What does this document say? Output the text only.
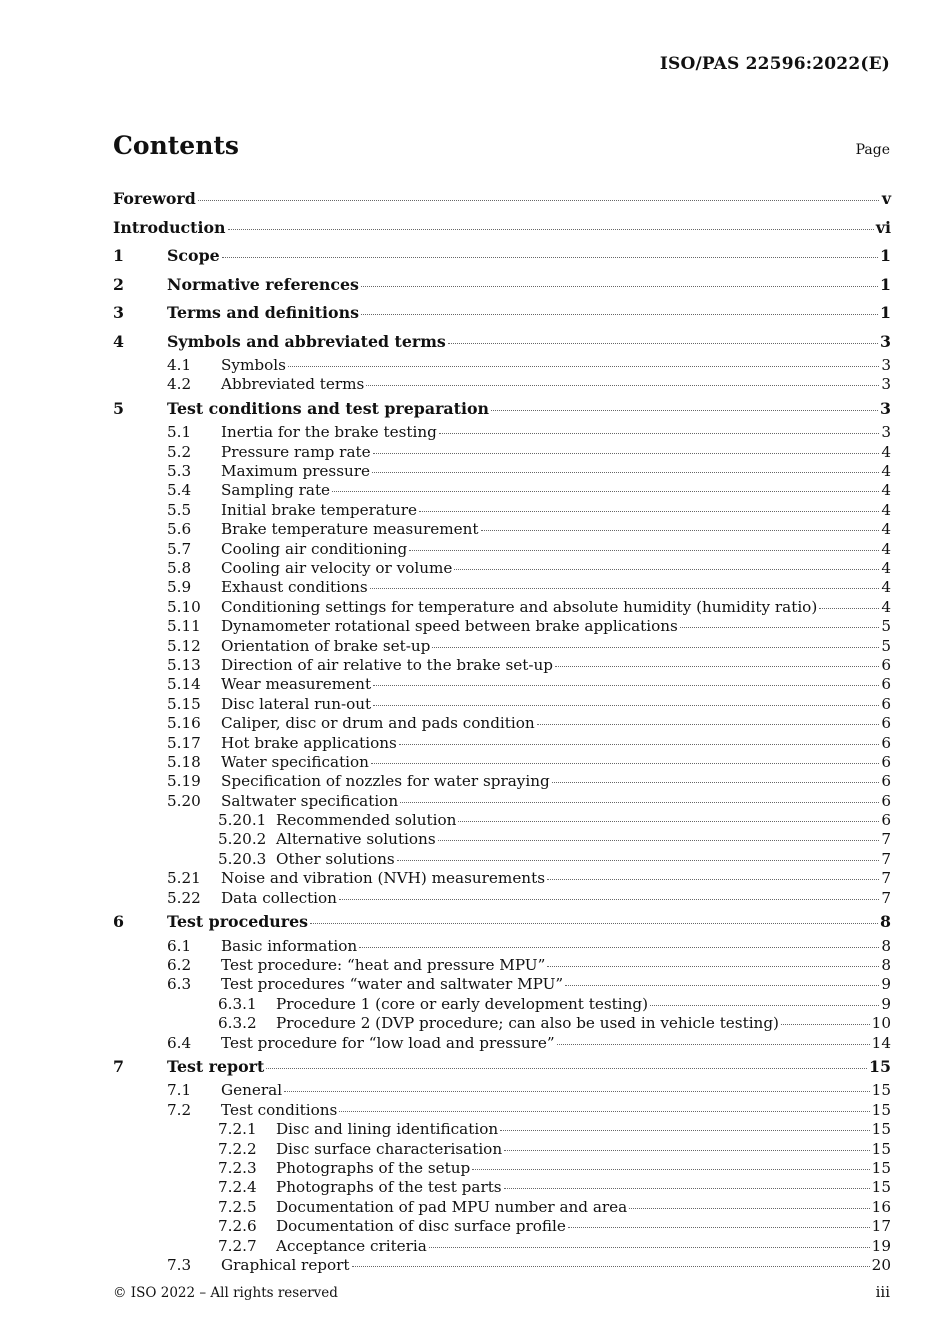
ISO/PAS 22596:2022(E)
Contents	Page
Foreword	v
Introduction	vi
1	Scope	1
2	Normative references	1
3	Terms and definitions	1
4	Symbols and abbreviated terms	3
4.1	Symbols	3
4.2	Abbreviated terms	3
5	Test conditions and test preparation	3
5.1	Inertia for the brake testing	3
5.2	Pressure ramp rate	4
5.3	Maximum pressure	4
5.4	Sampling rate	4
5.5	Initial brake temperature	4
5.6	Brake temperature measurement	4
5.7	Cooling air conditioning	4
5.8	Cooling air velocity or volume	4
5.9	Exhaust conditions	4
5.10	Conditioning settings for temperature and absolute humidity (humidity ratio)	4
5.11	Dynamometer rotational speed between brake applications	5
5.12	Orientation of brake set-up	5
5.13	Direction of air relative to the brake set-up	6
5.14	Wear measurement	6
5.15	Disc lateral run-out	6
5.16	Caliper, disc or drum and pads condition	6
5.17	Hot brake applications	6
5.18	Water specification	6
5.19	Specification of nozzles for water spraying	6
5.20	Saltwater specification	6
5.20.1 Recommended solution	6
5.20.2 Alternative solutions	7
5.20.3 Other solutions	7
5.21	Noise and vibration (NVH) measurements	7
5.22	Data collection	7
6	Test procedures	8
6.1	Basic information	8
6.2	Test procedure: “heat and pressure MPU”	8
6.3	Test procedures “water and saltwater MPU”	9
6.3.1	Procedure 1 (core or early development testing)	9
6.3.2	Procedure 2 (DVP procedure; can also be used in vehicle testing)	10
6.4	Test procedure for “low load and pressure”	14
7	Test report	15
7.1	General	15
7.2	Test conditions	15
7.2.1	Disc and lining identification	15
7.2.2	Disc surface characterisation	15
7.2.3	Photographs of the setup	15
7.2.4	Photographs of the test parts	15
7.2.5	Documentation of pad MPU number and area	16
7.2.6	Documentation of disc surface profile	17
7.2.7	Acceptance criteria	19
7.3	Graphical report	20
© ISO 2022 – All rights reserved	iii
